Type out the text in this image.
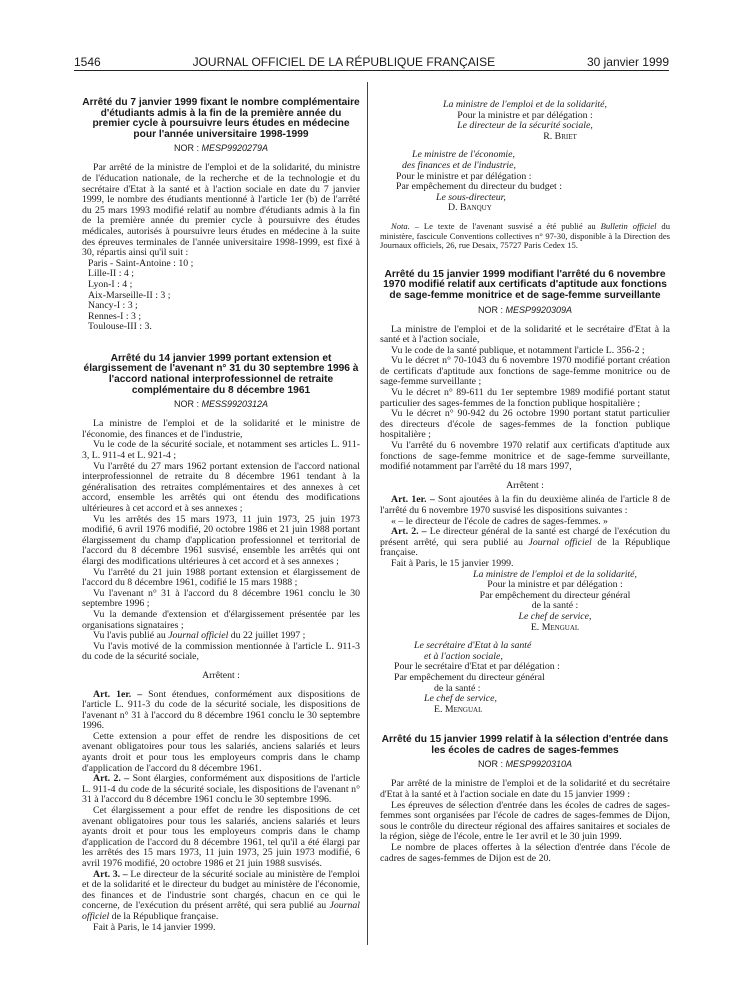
1546	JOURNAL OFFICIEL DE LA RÉPUBLIQUE FRANÇAISE	30 janvier 1999
Arrêté du 7 janvier 1999 fixant le nombre complémentaire d'étudiants admis à la fin de la première année du premier cycle à poursuivre leurs études en médecine pour l'année universitaire 1998-1999
NOR : MESP9920279A

Par arrêté de la ministre de l'emploi et de la solidarité, du ministre de l'éducation nationale, de la recherche et de la technologie et du secrétaire d'Etat à la santé et à l'action sociale en date du 7 janvier 1999, le nombre des étudiants mentionné à l'article 1er (b) de l'arrêté du 25 mars 1993 modifié relatif au nombre d'étudiants admis à la fin de la première année du premier cycle à poursuivre des études médicales, autorisés à poursuivre leurs études en médecine à la suite des épreuves terminales de l'année universitaire 1998-1999, est fixé à 30, répartis ainsi qu'il suit :

Paris - Saint-Antoine : 10 ;
Lille-II : 4 ;
Lyon-I : 4 ;
Aix-Marseille-II : 3 ;
Nancy-I : 3 ;
Rennes-I : 3 ;
Toulouse-III : 3.
Arrêté du 14 janvier 1999 portant extension et élargissement de l'avenant n° 31 du 30 septembre 1996 à l'accord national interprofessionnel de retraite complémentaire du 8 décembre 1961
NOR : MESS9920312A

La ministre de l'emploi et de la solidarité et le ministre de l'économie, des finances et de l'industrie,

Vu le code de la sécurité sociale, et notamment ses articles L. 911-3, L. 911-4 et L. 921-4 ;

Vu l'arrêté du 27 mars 1962 portant extension de l'accord national interprofessionnel de retraite du 8 décembre 1961 tendant à la généralisation des retraites complémentaires et des annexes à cet accord, ensemble les arrêtés qui ont étendu des modifications ultérieures à cet accord et à ses annexes ;

Vu les arrêtés des 15 mars 1973, 11 juin 1973, 25 juin 1973 modifié, 6 avril 1976 modifié, 20 octobre 1986 et 21 juin 1988 portant élargissement du champ d'application professionnel et territorial de l'accord du 8 décembre 1961 susvisé, ensemble les arrêtés qui ont élargi des modifications ultérieures à cet accord et à ses annexes ;

Vu l'arrêté du 21 juin 1988 portant extension et élargissement de l'accord du 8 décembre 1961, codifié le 15 mars 1988 ;

Vu l'avenant n° 31 à l'accord du 8 décembre 1961 conclu le 30 septembre 1996 ;

Vu la demande d'extension et d'élargissement présentée par les organisations signataires ;

Vu l'avis publié au Journal officiel du 22 juillet 1997 ;

Vu l'avis motivé de la commission mentionnée à l'article L. 911-3 du code de la sécurité sociale,

Arrêtent :

Art. 1er. – Sont étendues, conformément aux dispositions de l'article L. 911-3 du code de la sécurité sociale, les dispositions de l'avenant n° 31 à l'accord du 8 décembre 1961 conclu le 30 septembre 1996.

Cette extension a pour effet de rendre les dispositions de cet avenant obligatoires pour tous les salariés, anciens salariés et leurs ayants droit et pour tous les employeurs compris dans le champ d'application de l'accord du 8 décembre 1961.

Art. 2. – Sont élargies, conformément aux dispositions de l'article L. 911-4 du code de la sécurité sociale, les dispositions de l'avenant n° 31 à l'accord du 8 décembre 1961 conclu le 30 septembre 1996.

Cet élargissement a pour effet de rendre les dispositions de cet avenant obligatoires pour tous les salariés, anciens salariés et leurs ayants droit et pour tous les employeurs compris dans le champ d'application de l'accord du 8 décembre 1961, tel qu'il a été élargi par les arrêtés des 15 mars 1973, 11 juin 1973, 25 juin 1973 modifié, 6 avril 1976 modifié, 20 octobre 1986 et 21 juin 1988 susvisés.

Art. 3. – Le directeur de la sécurité sociale au ministère de l'emploi et de la solidarité et le directeur du budget au ministère de l'économie, des finances et de l'industrie sont chargés, chacun en ce qui le concerne, de l'exécution du présent arrêté, qui sera publié au Journal officiel de la République française.

Fait à Paris, le 14 janvier 1999.

La ministre de l'emploi et de la solidarité,
Pour la ministre et par délégation :
Le directeur de la sécurité sociale,
R. Briet
Le ministre de l'économie,
des finances et de l'industrie,
Pour le ministre et par délégation :
Par empêchement du directeur du budget :
Le sous-directeur,
D. Banquy

Nota. – Le texte de l'avenant susvisé a été publié au Bulletin officiel du ministère, fascicule Conventions collectives n° 97-30, disponible à la Direction des Journaux officiels, 26, rue Desaix, 75727 Paris Cedex 15.

Arrêté du 15 janvier 1999 modifiant l'arrêté du 6 novembre 1970 modifié relatif aux certificats d'aptitude aux fonctions de sage-femme monitrice et de sage-femme surveillante
NOR : MESP9920309A

La ministre de l'emploi et de la solidarité et le secrétaire d'Etat à la santé et à l'action sociale,

Vu le code de la santé publique, et notamment l'article L. 356-2 ;

Vu le décret n° 70-1043 du 6 novembre 1970 modifié portant création de certificats d'aptitude aux fonctions de sage-femme monitrice ou de sage-femme surveillante ;

Vu le décret n° 89-611 du 1er septembre 1989 modifié portant statut particulier des sages-femmes de la fonction publique hospitalière ;

Vu le décret n° 90-942 du 26 octobre 1990 portant statut particulier des directeurs d'école de sages-femmes de la fonction publique hospitalière ;

Vu l'arrêté du 6 novembre 1970 relatif aux certificats d'aptitude aux fonctions de sage-femme monitrice et de sage-femme surveillante, modifié notamment par l'arrêté du 18 mars 1997,

Arrêtent :

Art. 1er. – Sont ajoutées à la fin du deuxième alinéa de l'article 8 de l'arrêté du 6 novembre 1970 susvisé les dispositions suivantes :

« – le directeur de l'école de cadres de sages-femmes. »

Art. 2. – Le directeur général de la santé est chargé de l'exécution du présent arrêté, qui sera publié au Journal officiel de la République française.

Fait à Paris, le 15 janvier 1999.

La ministre de l'emploi et de la solidarité,
Pour la ministre et par délégation :
Par empêchement du directeur général
de la santé :
Le chef de service,
E. Mengual
Le secrétaire d'Etat à la santé
et à l'action sociale,
Pour le secrétaire d'Etat et par délégation :
Par empêchement du directeur général
de la santé :
Le chef de service,
E. Mengual
Arrêté du 15 janvier 1999 relatif à la sélection d'entrée dans les écoles de cadres de sages-femmes
NOR : MESP9920310A

Par arrêté de la ministre de l'emploi et de la solidarité et du secrétaire d'Etat à la santé et à l'action sociale en date du 15 janvier 1999 :

Les épreuves de sélection d'entrée dans les écoles de cadres de sages-femmes sont organisées par l'école de cadres de sages-femmes de Dijon, sous le contrôle du directeur régional des affaires sanitaires et sociales de la région, siège de l'école, entre le 1er avril et le 30 juin 1999.

Le nombre de places offertes à la sélection d'entrée dans l'école de cadres de sages-femmes de Dijon est de 20.
